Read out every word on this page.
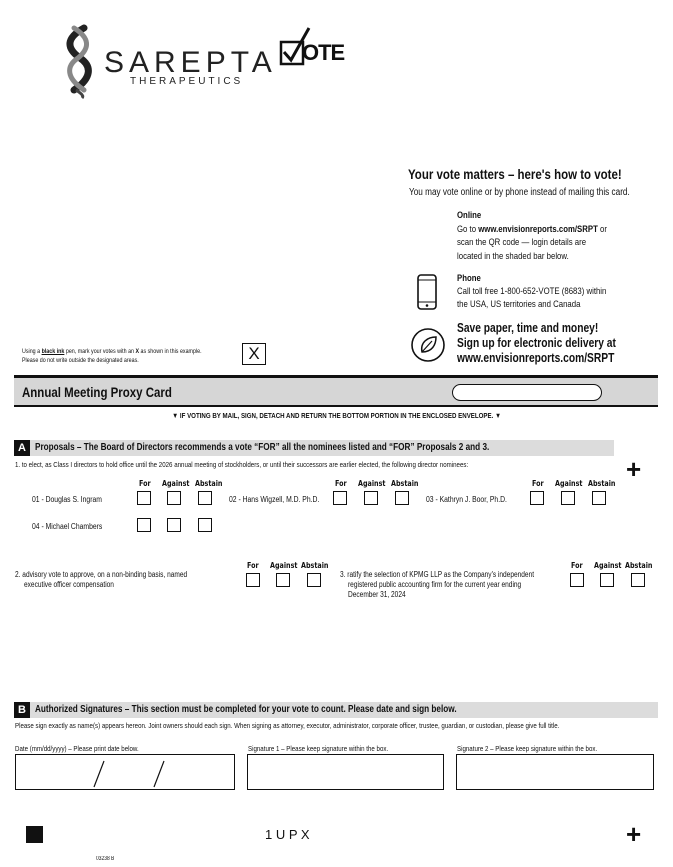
SAREPTA
THERAPEUTICS
OTE
Your vote matters – here's how to vote!
You may vote online or by phone instead of mailing this card.
Online
Go to www.envisionreports.com/SRPT or
scan the QR code — login details are
located in the shaded bar below.
Phone
Call toll free 1-800-652-VOTE (8683) within
the USA, US territories and Canada
Save paper, time and money!
Sign up for electronic delivery at
www.envisionreports.com/SRPT
Using a black ink pen, mark your votes with an X as shown in this example.
Please do not write outside the designated areas.	X
Annual Meeting Proxy Card
▼ IF VOTING BY MAIL, SIGN, DETACH AND RETURN THE BOTTOM PORTION IN THE ENCLOSED ENVELOPE. ▼
A Proposals – The Board of Directors recommends a vote “FOR” all the nominees listed and “FOR” Proposals 2 and 3.
1. to elect, as Class I directors to hold office until the 2026 annual meeting of stockholders, or until their successors are earlier elected, the following director nominees:	+
For Against Abstain	For Against Abstain	For Against Abstain
01 - Douglas S. Ingram	02 - Hans Wigzell, M.D. Ph.D.	03 - Kathryn J. Boor, Ph.D.
04 - Michael Chambers
2. advisory vote to approve, on a non-binding basis, named
executive officer compensation
For Against Abstain
3. ratify the selection of KPMG LLP as the Company's independent
registered public accounting firm for the current year ending
December 31, 2024
For Against Abstain
B Authorized Signatures – This section must be completed for your vote to count. Please date and sign below.
Please sign exactly as name(s) appears hereon. Joint owners should each sign. When signing as attorney, executor, administrator, corporate officer, trustee, guardian, or custodian, please give full title.
Date (mm/dd/yyyy) – Please print date below.	Signature 1 – Please keep signature within the box.	Signature 2 – Please keep signature within the box.
1 U P X
03238 B
+
